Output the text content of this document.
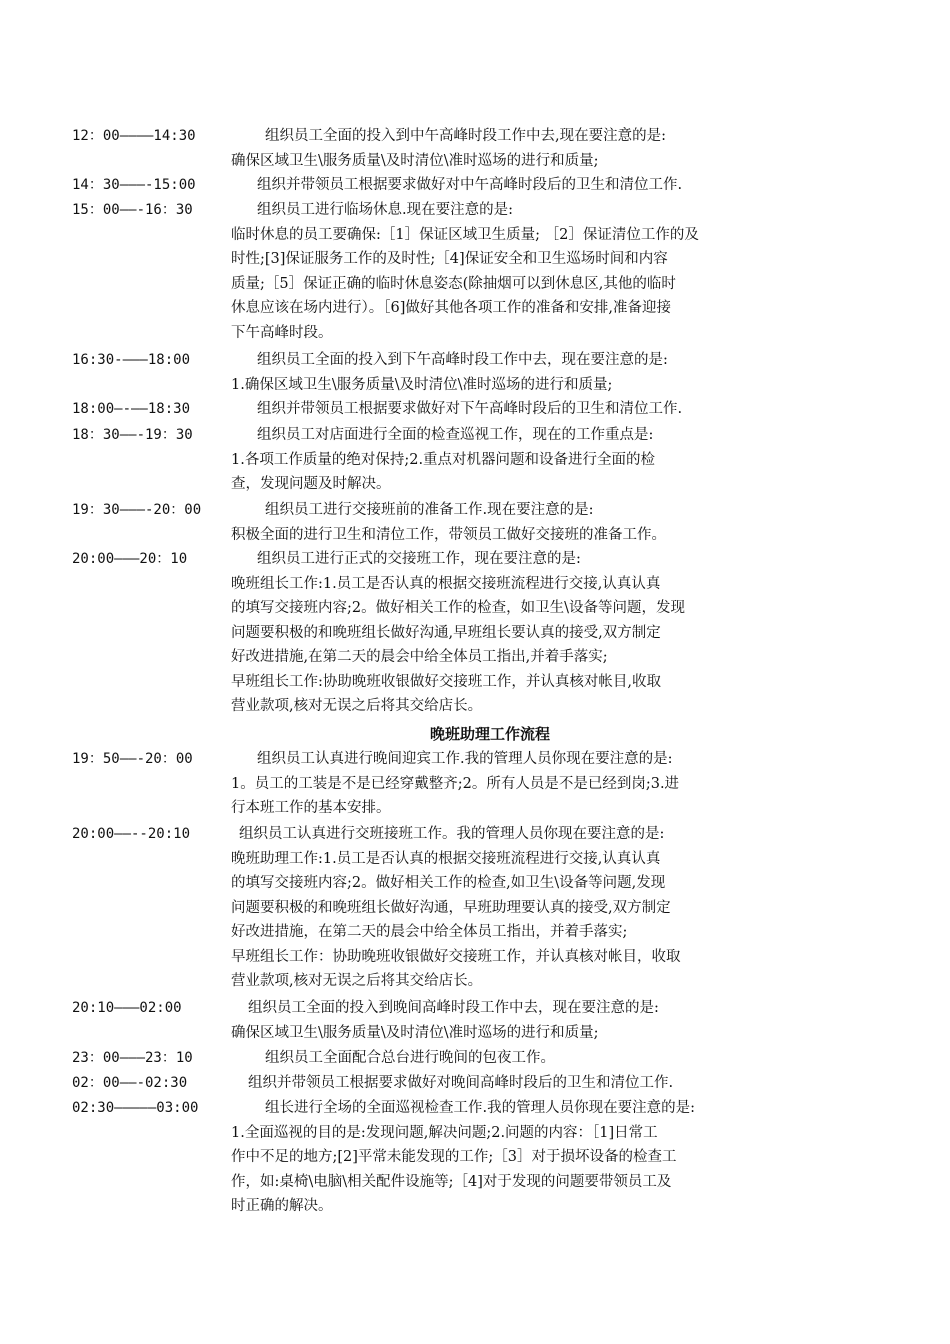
12：00————14:30	组织员工全面的投入到中午高峰时段工作中去,现在要注意的是:
确保区域卫生\服务质量\及时清位\准时巡场的进行和质量;
14：30———-15:00	组织并带领员工根据要求做好对中午高峰时段后的卫生和清位工作.
15：00——-16：30	组织员工进行临场休息.现在要注意的是:
临时休息的员工要确保:［1］保证区域卫生质量; ［2］保证清位工作的及
时性;[3]保证服务工作的及时性;［4]保证安全和卫生巡场时间和内容
质量;［5］保证正确的临时休息姿态(除抽烟可以到休息区,其他的临时
休息应该在场内进行）。［6]做好其他各项工作的准备和安排,准备迎接
下午高峰时段。
16:30-———18:00	组织员工全面的投入到下午高峰时段工作中去，现在要注意的是:
1.确保区域卫生\服务质量\及时清位\准时巡场的进行和质量;
18:00—-——18:30	组织并带领员工根据要求做好对下午高峰时段后的卫生和清位工作.
18：30——-19：30	组织员工对店面进行全面的检查巡视工作，现在的工作重点是:
1.各项工作质量的绝对保持;2.重点对机器问题和设备进行全面的检
查，发现问题及时解决。
19：30———-20：00	组织员工进行交接班前的准备工作.现在要注意的是:
积极全面的进行卫生和清位工作，带领员工做好交接班的准备工作。
20:00———20：10	组织员工进行正式的交接班工作，现在要注意的是:
晚班组长工作:1.员工是否认真的根据交接班流程进行交接,认真认真
的填写交接班内容;2。做好相关工作的检查，如卫生\设备等问题，发现
问题要积极的和晚班组长做好沟通,早班组长要认真的接受,双方制定
好改进措施,在第二天的晨会中给全体员工指出,并着手落实;
早班组长工作:协助晚班收银做好交接班工作，并认真核对帐目,收取
营业款项,核对无误之后将其交给店长。
晚班助理工作流程
19：50——-20：00	组织员工认真进行晚间迎宾工作.我的管理人员你现在要注意的是:
1。员工的工装是不是已经穿戴整齐;2。所有人员是不是已经到岗;3.进
行本班工作的基本安排。
20:00——--20:10	组织员工认真进行交班接班工作。我的管理人员你现在要注意的是:
晚班助理工作:1.员工是否认真的根据交接班流程进行交接,认真认真
的填写交接班内容;2。做好相关工作的检查,如卫生\设备等问题,发现
问题要积极的和晚班组长做好沟通，早班助理要认真的接受,双方制定
好改进措施，在第二天的晨会中给全体员工指出，并着手落实;
早班组长工作：协助晚班收银做好交接班工作，并认真核对帐目，收取
营业款项,核对无误之后将其交给店长。
20:10———02:00	组织员工全面的投入到晚间高峰时段工作中去，现在要注意的是:
确保区域卫生\服务质量\及时清位\准时巡场的进行和质量;
23：00———23：10	组织员工全面配合总台进行晚间的包夜工作。
02：00——-02:30	组织并带领员工根据要求做好对晚间高峰时段后的卫生和清位工作.
02:30—————03:00	组长进行全场的全面巡视检查工作.我的管理人员你现在要注意的是:
1.全面巡视的目的是:发现问题,解决问题;2.问题的内容：［1]日常工
作中不足的地方;[2]平常未能发现的工作;［3］对于损坏设备的检查工
作，如:桌椅\电脑\相关配件设施等;［4]对于发现的问题要带领员工及
时正确的解决。
